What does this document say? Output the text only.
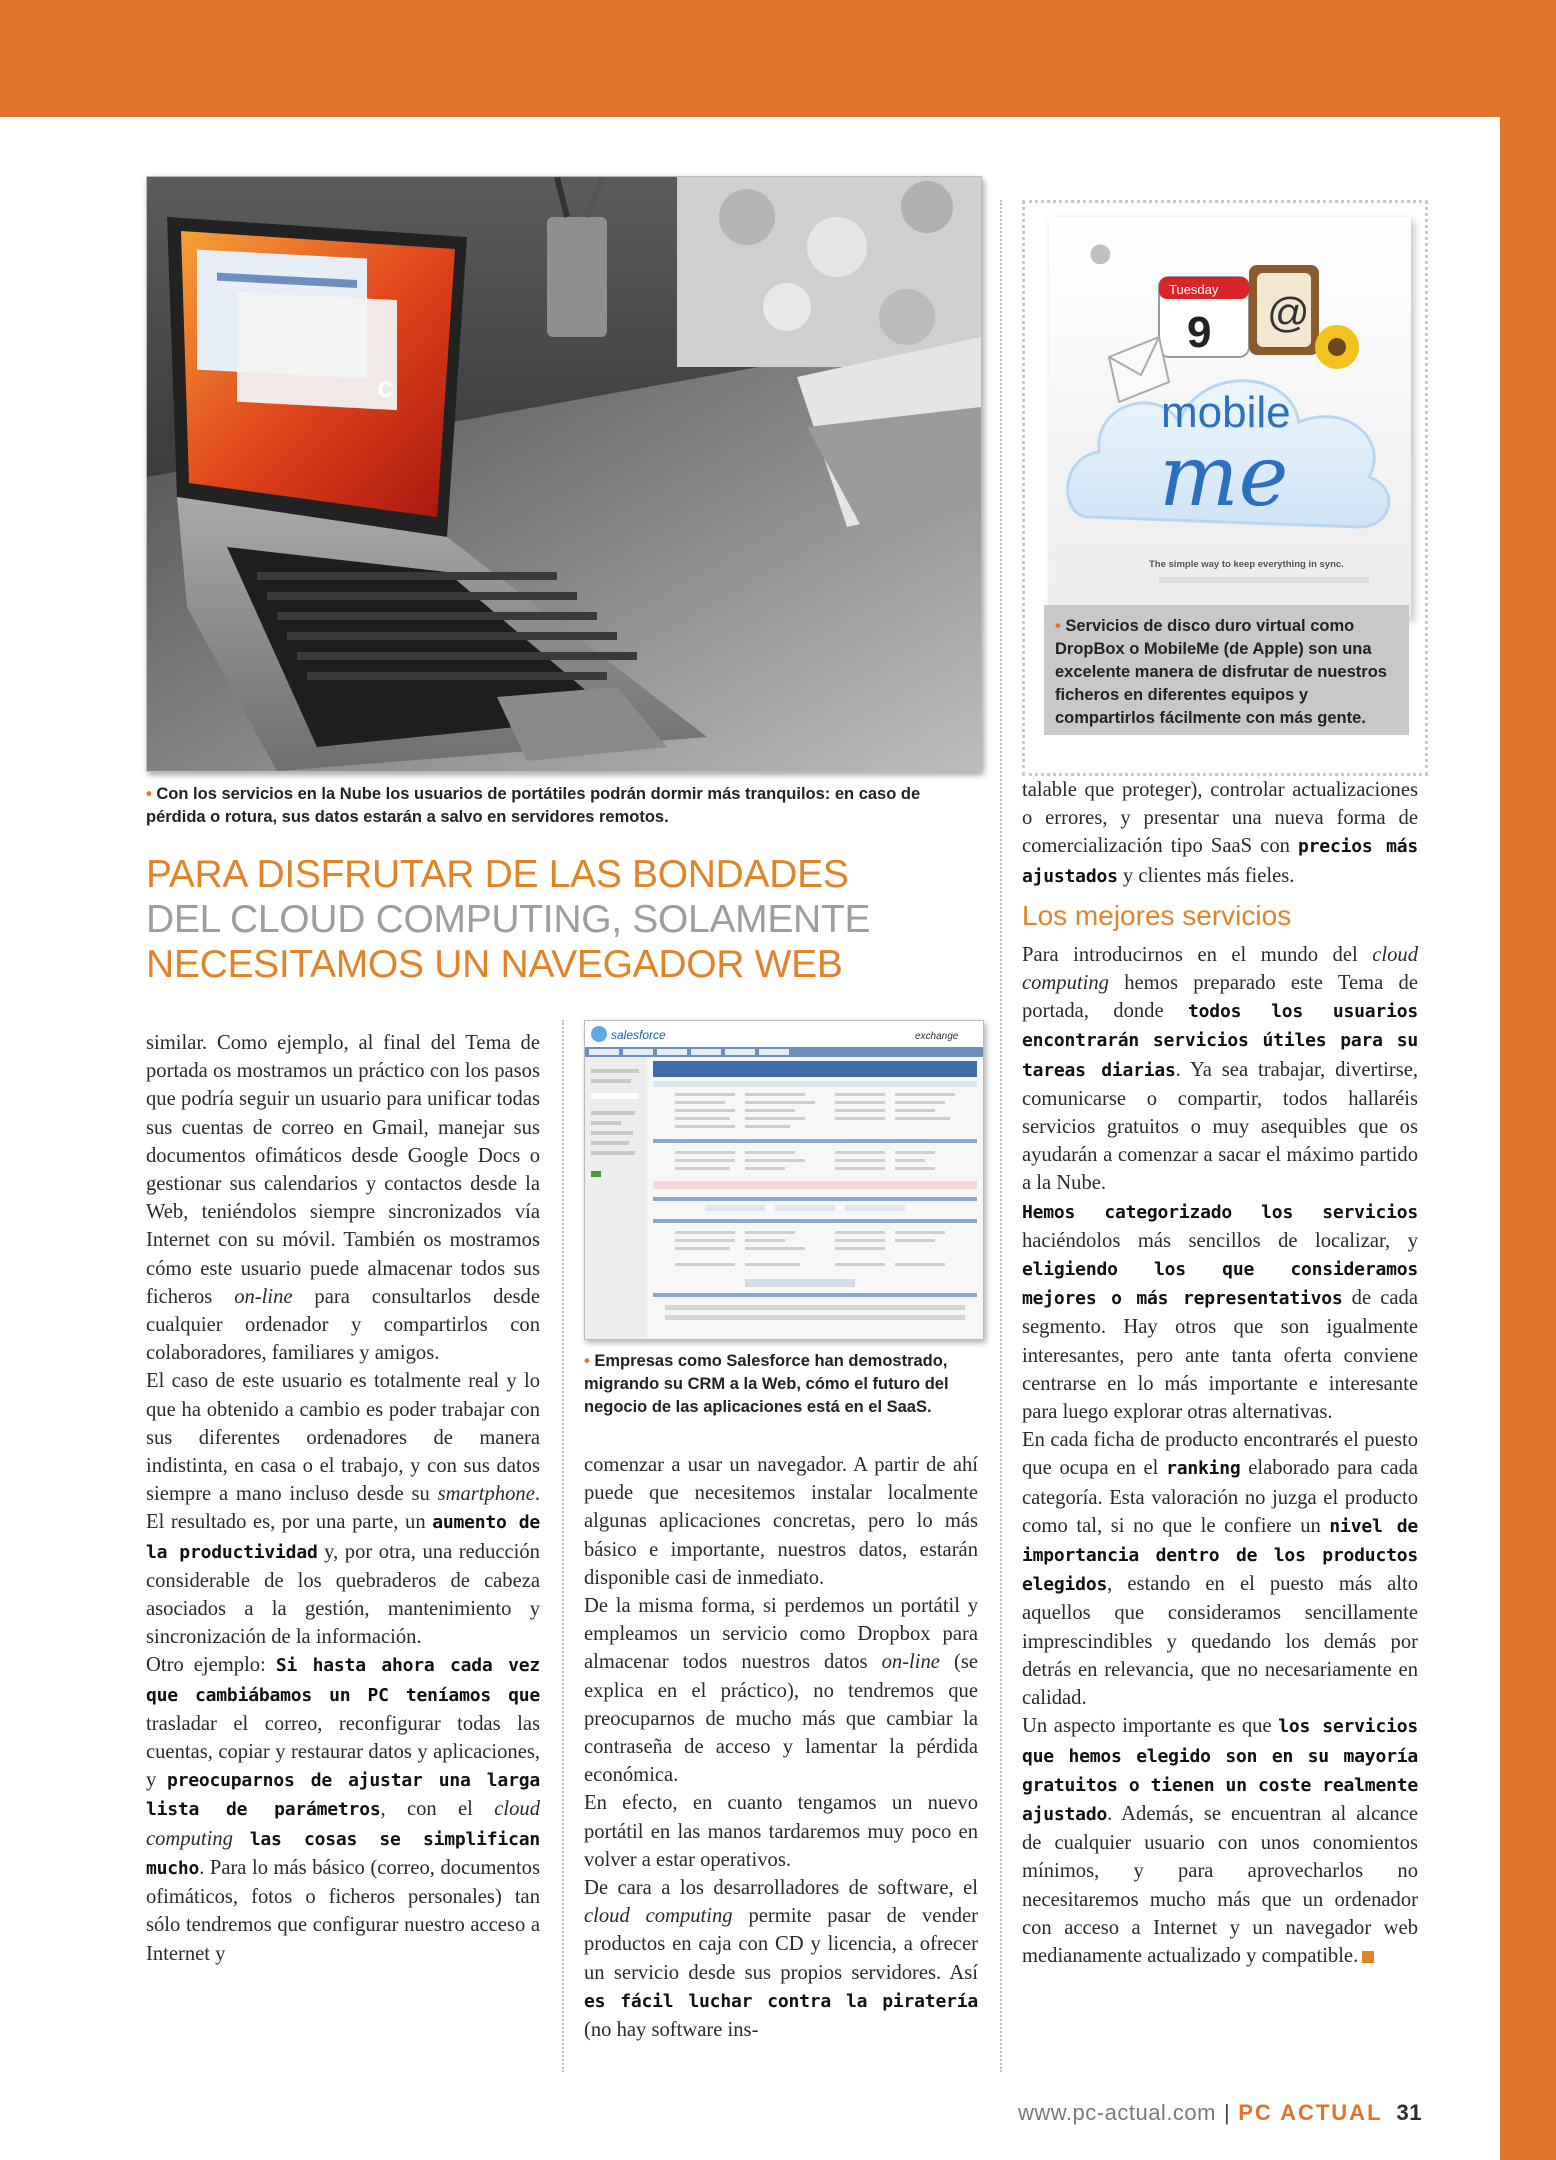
c
• Con los servicios en la Nube los usuarios de portátiles podrán dormir más tranquilos: en caso de pérdida o rotura, sus datos estarán a salvo en servidores remotos.
PARA DISFRUTAR DE LAS BONDADES
DEL CLOUD COMPUTING, SOLAMENTE
NECESITAMOS UN NAVEGADOR WEB

similar. Como ejemplo, al final del Tema de portada os mostramos un práctico con los pasos que podría seguir un usuario para unificar todas sus cuentas de correo en Gmail, manejar sus documentos ofimáticos desde Google Docs o gestionar sus calendarios y contactos desde la Web, teniéndolos siempre sincronizados vía Internet con su móvil. También os mostramos cómo este usuario puede almacenar todos sus ficheros on-line para consultarlos desde cualquier ordenador y compartirlos con colaboradores, familiares y amigos.

El caso de este usuario es totalmente real y lo que ha obtenido a cambio es poder trabajar con sus diferentes ordenadores de manera indistinta, en casa o el trabajo, y con sus datos siempre a mano incluso desde su smartphone. El resultado es, por una parte, un aumento de la productividad y, por otra, una reducción considerable de los quebraderos de cabeza asociados a la gestión, mantenimiento y sincronización de la información.

Otro ejemplo: Si hasta ahora cada vez que cambiábamos un PC teníamos que trasladar el correo, reconfigurar todas las cuentas, copiar y restaurar datos y aplicaciones, y preocuparnos de ajustar una larga lista de parámetros, con el cloud computing las cosas se simplifican mucho. Para lo más básico (correo, documentos ofimáticos, fotos o ficheros personales) tan sólo tendremos que configurar nuestro acceso a Internet y

salesforce	exchange
• Empresas como Salesforce han demostrado, migrando su CRM a la Web, cómo el futuro del negocio de las aplicaciones está en el SaaS.

comenzar a usar un navegador. A partir de ahí puede que necesitemos instalar localmente algunas aplicaciones concretas, pero lo más básico e importante, nuestros datos, estarán disponible casi de inmediato.

De la misma forma, si perdemos un portátil y empleamos un servicio como Dropbox para almacenar todos nuestros datos on-line (se explica en el práctico), no tendremos que preocuparnos de mucho más que cambiar la contraseña de acceso y lamentar la pérdida económica.

En efecto, en cuanto tengamos un nuevo portátil en las manos tardaremos muy poco en volver a estar operativos.

De cara a los desarrolladores de software, el cloud computing permite pasar de vender productos en caja con CD y licencia, a ofrecer un servicio desde sus propios servidores. Así es fácil luchar contra la piratería (no hay software ins-

●
Tuesday
9 @
mobile
me
The simple way to keep everything in sync.
• Servicios de disco duro virtual como DropBox o MobileMe (de Apple) son una excelente manera de disfrutar de nuestros ficheros en diferentes equipos y compartirlos fácilmente con más gente.

talable que proteger), controlar actualizaciones o errores, y presentar una nueva forma de comercialización tipo SaaS con precios más ajustados y clientes más fieles.

Los mejores servicios

Para introducirnos en el mundo del cloud computing hemos preparado este Tema de portada, donde todos los usuarios encontrarán servicios útiles para su tareas diarias. Ya sea trabajar, divertirse, comunicarse o compartir, todos hallaréis servicios gratuitos o muy asequibles que os ayudarán a comenzar a sacar el máximo partido a la Nube.

Hemos categorizado los servicios haciéndolos más sencillos de localizar, y eligiendo los que consideramos mejores o más representativos de cada segmento. Hay otros que son igualmente interesantes, pero ante tanta oferta conviene centrarse en lo más importante e interesante para luego explorar otras alternativas.

En cada ficha de producto encontrarés el puesto que ocupa en el ranking elaborado para cada categoría. Esta valoración no juzga el producto como tal, si no que le confiere un nivel de importancia dentro de los productos elegidos, estando en el puesto más alto aquellos que consideramos sencillamente imprescindibles y quedando los demás por detrás en relevancia, que no necesariamente en calidad.

Un aspecto importante es que los servicios que hemos elegido son en su mayoría gratuitos o tienen un coste realmente ajustado. Además, se encuentran al alcance de cualquier usuario con unos conomientos mínimos, y para aprovecharlos no necesitaremos mucho más que un ordenador con acceso a Internet y un navegador web medianamente actualizado y compatible.

www.pc-actual.com | PC ACTUAL 31
